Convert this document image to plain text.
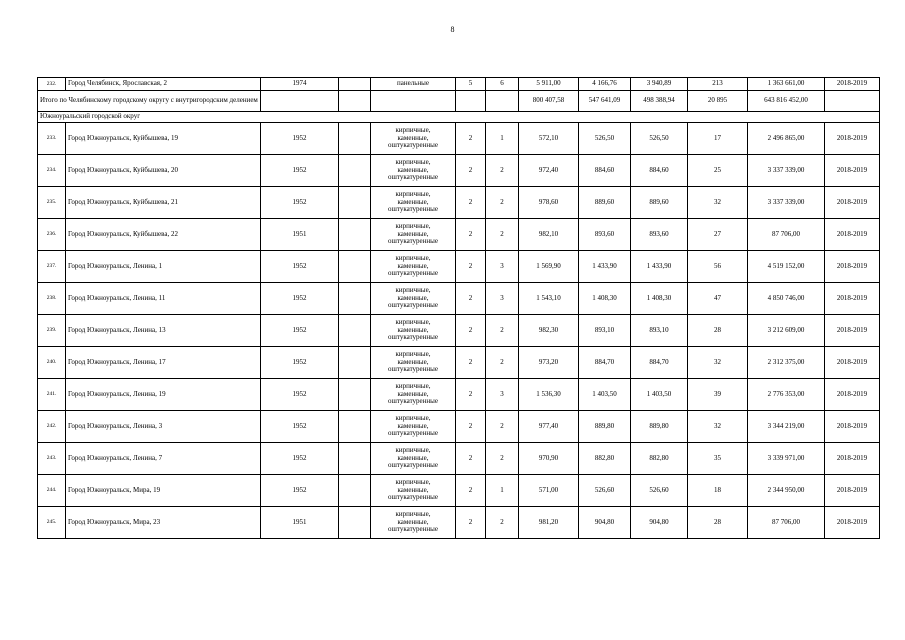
8
232.	Город Челябинск, Ярославская, 2	1974		панельные	5	6	5 911,00	4 166,76	3 940,89	213	1 363 661,00	2018-2019
Итого по Челябинскому городскому округу с внутригородским делением							800 407,58	547 641,09	498 388,94	20 895	643 816 452,00	
Южноуральский городской округ												
233.	Город Южноуральск, Куйбышева, 19	1952		кирпичные,
каменные,
оштукатуренные	2	1	572,10	526,50	526,50	17	2 496 865,00	2018-2019
234.	Город Южноуральск, Куйбышева, 20	1952		кирпичные,
каменные,
оштукатуренные	2	2	972,40	884,60	884,60	25	3 337 339,00	2018-2019
235.	Город Южноуральск, Куйбышева, 21	1952		кирпичные,
каменные,
оштукатуренные	2	2	978,60	889,60	889,60	32	3 337 339,00	2018-2019
236.	Город Южноуральск, Куйбышева, 22	1951		кирпичные,
каменные,
оштукатуренные	2	2	982,10	893,60	893,60	27	87 706,00	2018-2019
237.	Город Южноуральск, Ленина, 1	1952		кирпичные,
каменные,
оштукатуренные	2	3	1 569,90	1 433,90	1 433,90	56	4 519 152,00	2018-2019
238.	Город Южноуральск, Ленина, 11	1952		кирпичные,
каменные,
оштукатуренные	2	3	1 543,10	1 408,30	1 408,30	47	4 850 746,00	2018-2019
239.	Город Южноуральск, Ленина, 13	1952		кирпичные,
каменные,
оштукатуренные	2	2	982,30	893,10	893,10	28	3 212 609,00	2018-2019
240.	Город Южноуральск, Ленина, 17	1952		кирпичные,
каменные,
оштукатуренные	2	2	973,20	884,70	884,70	32	2 312 375,00	2018-2019
241.	Город Южноуральск, Ленина, 19	1952		кирпичные,
каменные,
оштукатуренные	2	3	1 536,30	1 403,50	1 403,50	39	2 776 353,00	2018-2019
242.	Город Южноуральск, Ленина, 3	1952		кирпичные,
каменные,
оштукатуренные	2	2	977,40	889,80	889,80	32	3 344 219,00	2018-2019
243.	Город Южноуральск, Ленина, 7	1952		кирпичные,
каменные,
оштукатуренные	2	2	970,90	882,80	882,80	35	3 339 971,00	2018-2019
244.	Город Южноуральск, Мира, 19	1952		кирпичные,
каменные,
оштукатуренные	2	1	571,00	526,60	526,60	18	2 344 950,00	2018-2019
245.	Город Южноуральск, Мира, 23	1951		кирпичные,
каменные,
оштукатуренные	2	2	981,20	904,80	904,80	28	87 706,00	2018-2019
